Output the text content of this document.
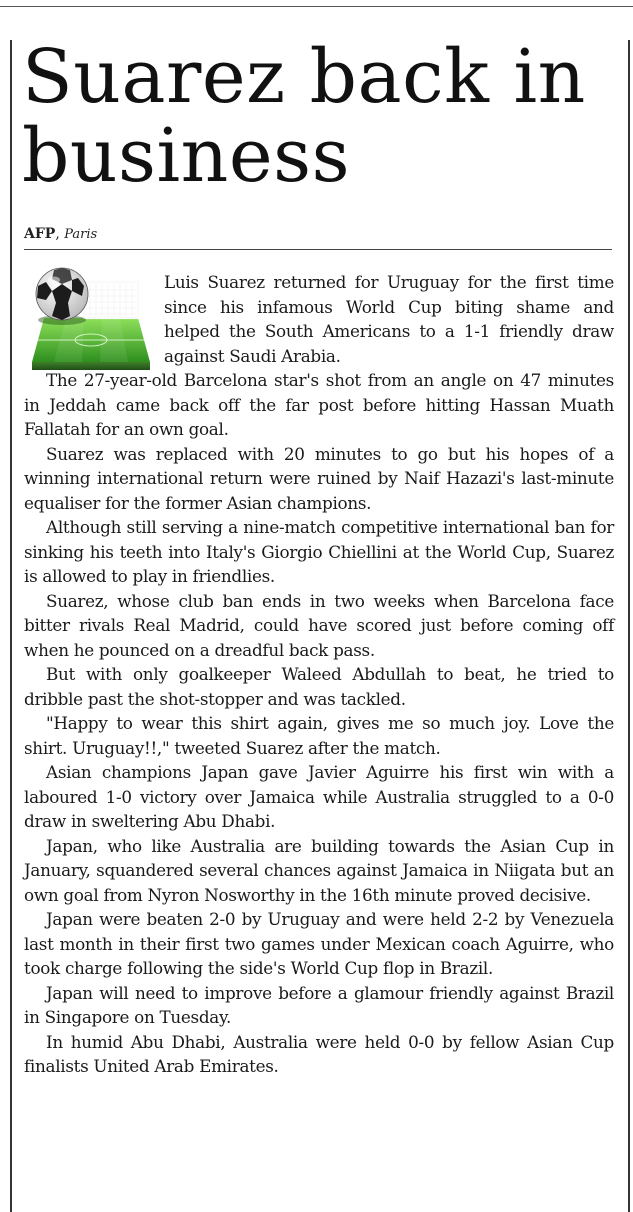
Suarez back in business
AFP, Paris

Luis Suarez returned for Uruguay for the first time since his infamous World Cup biting shame and helped the South Americans to a 1-1 friendly draw against Saudi Arabia.

The 27-year-old Barcelona star's shot from an angle on 47 minutes in Jeddah came back off the far post before hitting Hassan Muath Fallatah for an own goal.

Suarez was replaced with 20 minutes to go but his hopes of a winning international return were ruined by Naif Hazazi's last-minute equaliser for the former Asian champions.

Although still serving a nine-match competitive international ban for sinking his teeth into Italy's Giorgio Chiellini at the World Cup, Suarez is allowed to play in friendlies.

Suarez, whose club ban ends in two weeks when Barcelona face bitter rivals Real Madrid, could have scored just before coming off when he pounced on a dreadful back pass.

But with only goalkeeper Waleed Abdullah to beat, he tried to dribble past the shot-stopper and was tackled.

"Happy to wear this shirt again, gives me so much joy. Love the shirt. Uruguay!!," tweeted Suarez after the match.

Asian champions Japan gave Javier Aguirre his first win with a laboured 1-0 victory over Jamaica while Australia struggled to a 0-0 draw in sweltering Abu Dhabi.

Japan, who like Australia are building towards the Asian Cup in January, squandered several chances against Jamaica in Niigata but an own goal from Nyron Nosworthy in the 16th minute proved decisive.

Japan were beaten 2-0 by Uruguay and were held 2-2 by Venezuela last month in their first two games under Mexican coach Aguirre, who took charge following the side's World Cup flop in Brazil.

Japan will need to improve before a glamour friendly against Brazil in Singapore on Tuesday.

In humid Abu Dhabi, Australia were held 0-0 by fellow Asian Cup finalists United Arab Emirates.
